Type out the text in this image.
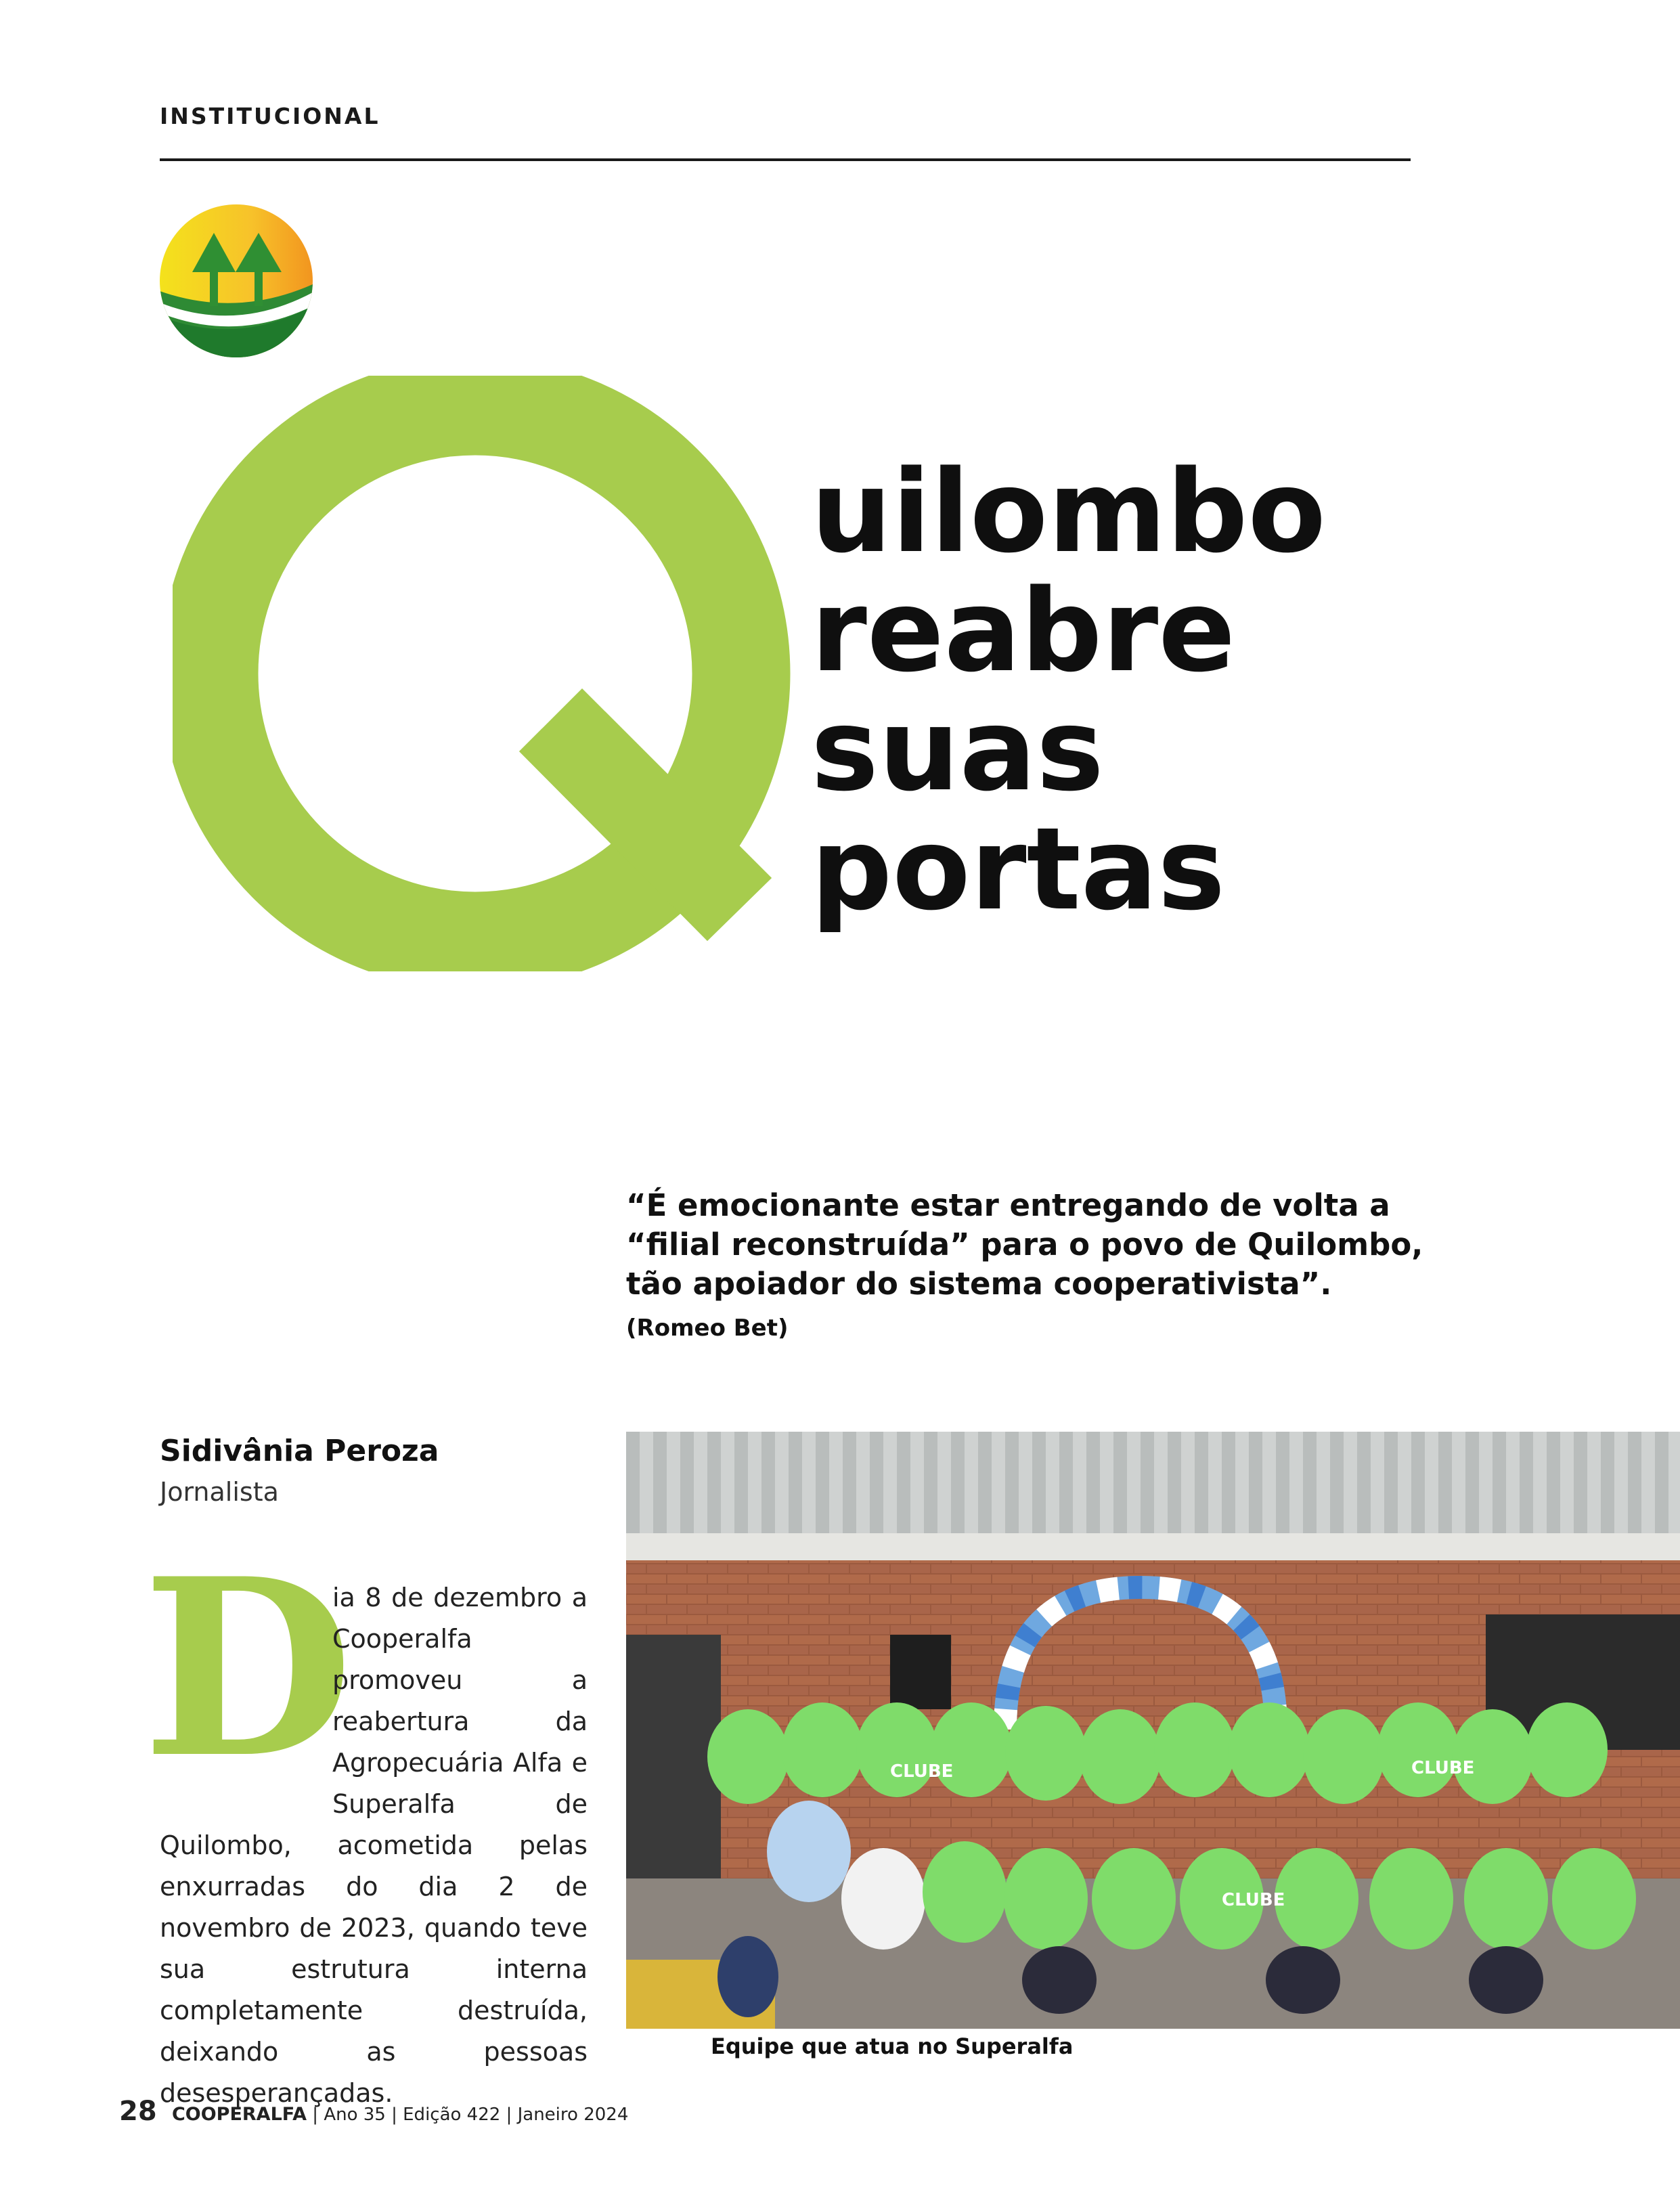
INSTITUCIONAL
uilombo
reabre
suas
portas
“É emocionante estar entregando de volta a “filial reconstruída” para o povo de Quilombo, tão apoiador do sistema cooperativista”.
(Romeo Bet)
Sidivânia Peroza
Jornalista
D

ia 8 de dezembro a Cooperalfa promoveu a reabertura da Agropecuária Alfa e Superalfa de Quilombo, acometida pelas enxurradas do dia 2 de novembro de 2023, quando teve sua estrutura interna completamente destruída, deixando as pessoas desesperançadas.

CLUBE	CLUBE
CLUBE
Equipe que atua no Superalfa
28 COOPERALFA | Ano 35 | Edição 422 | Janeiro 2024
